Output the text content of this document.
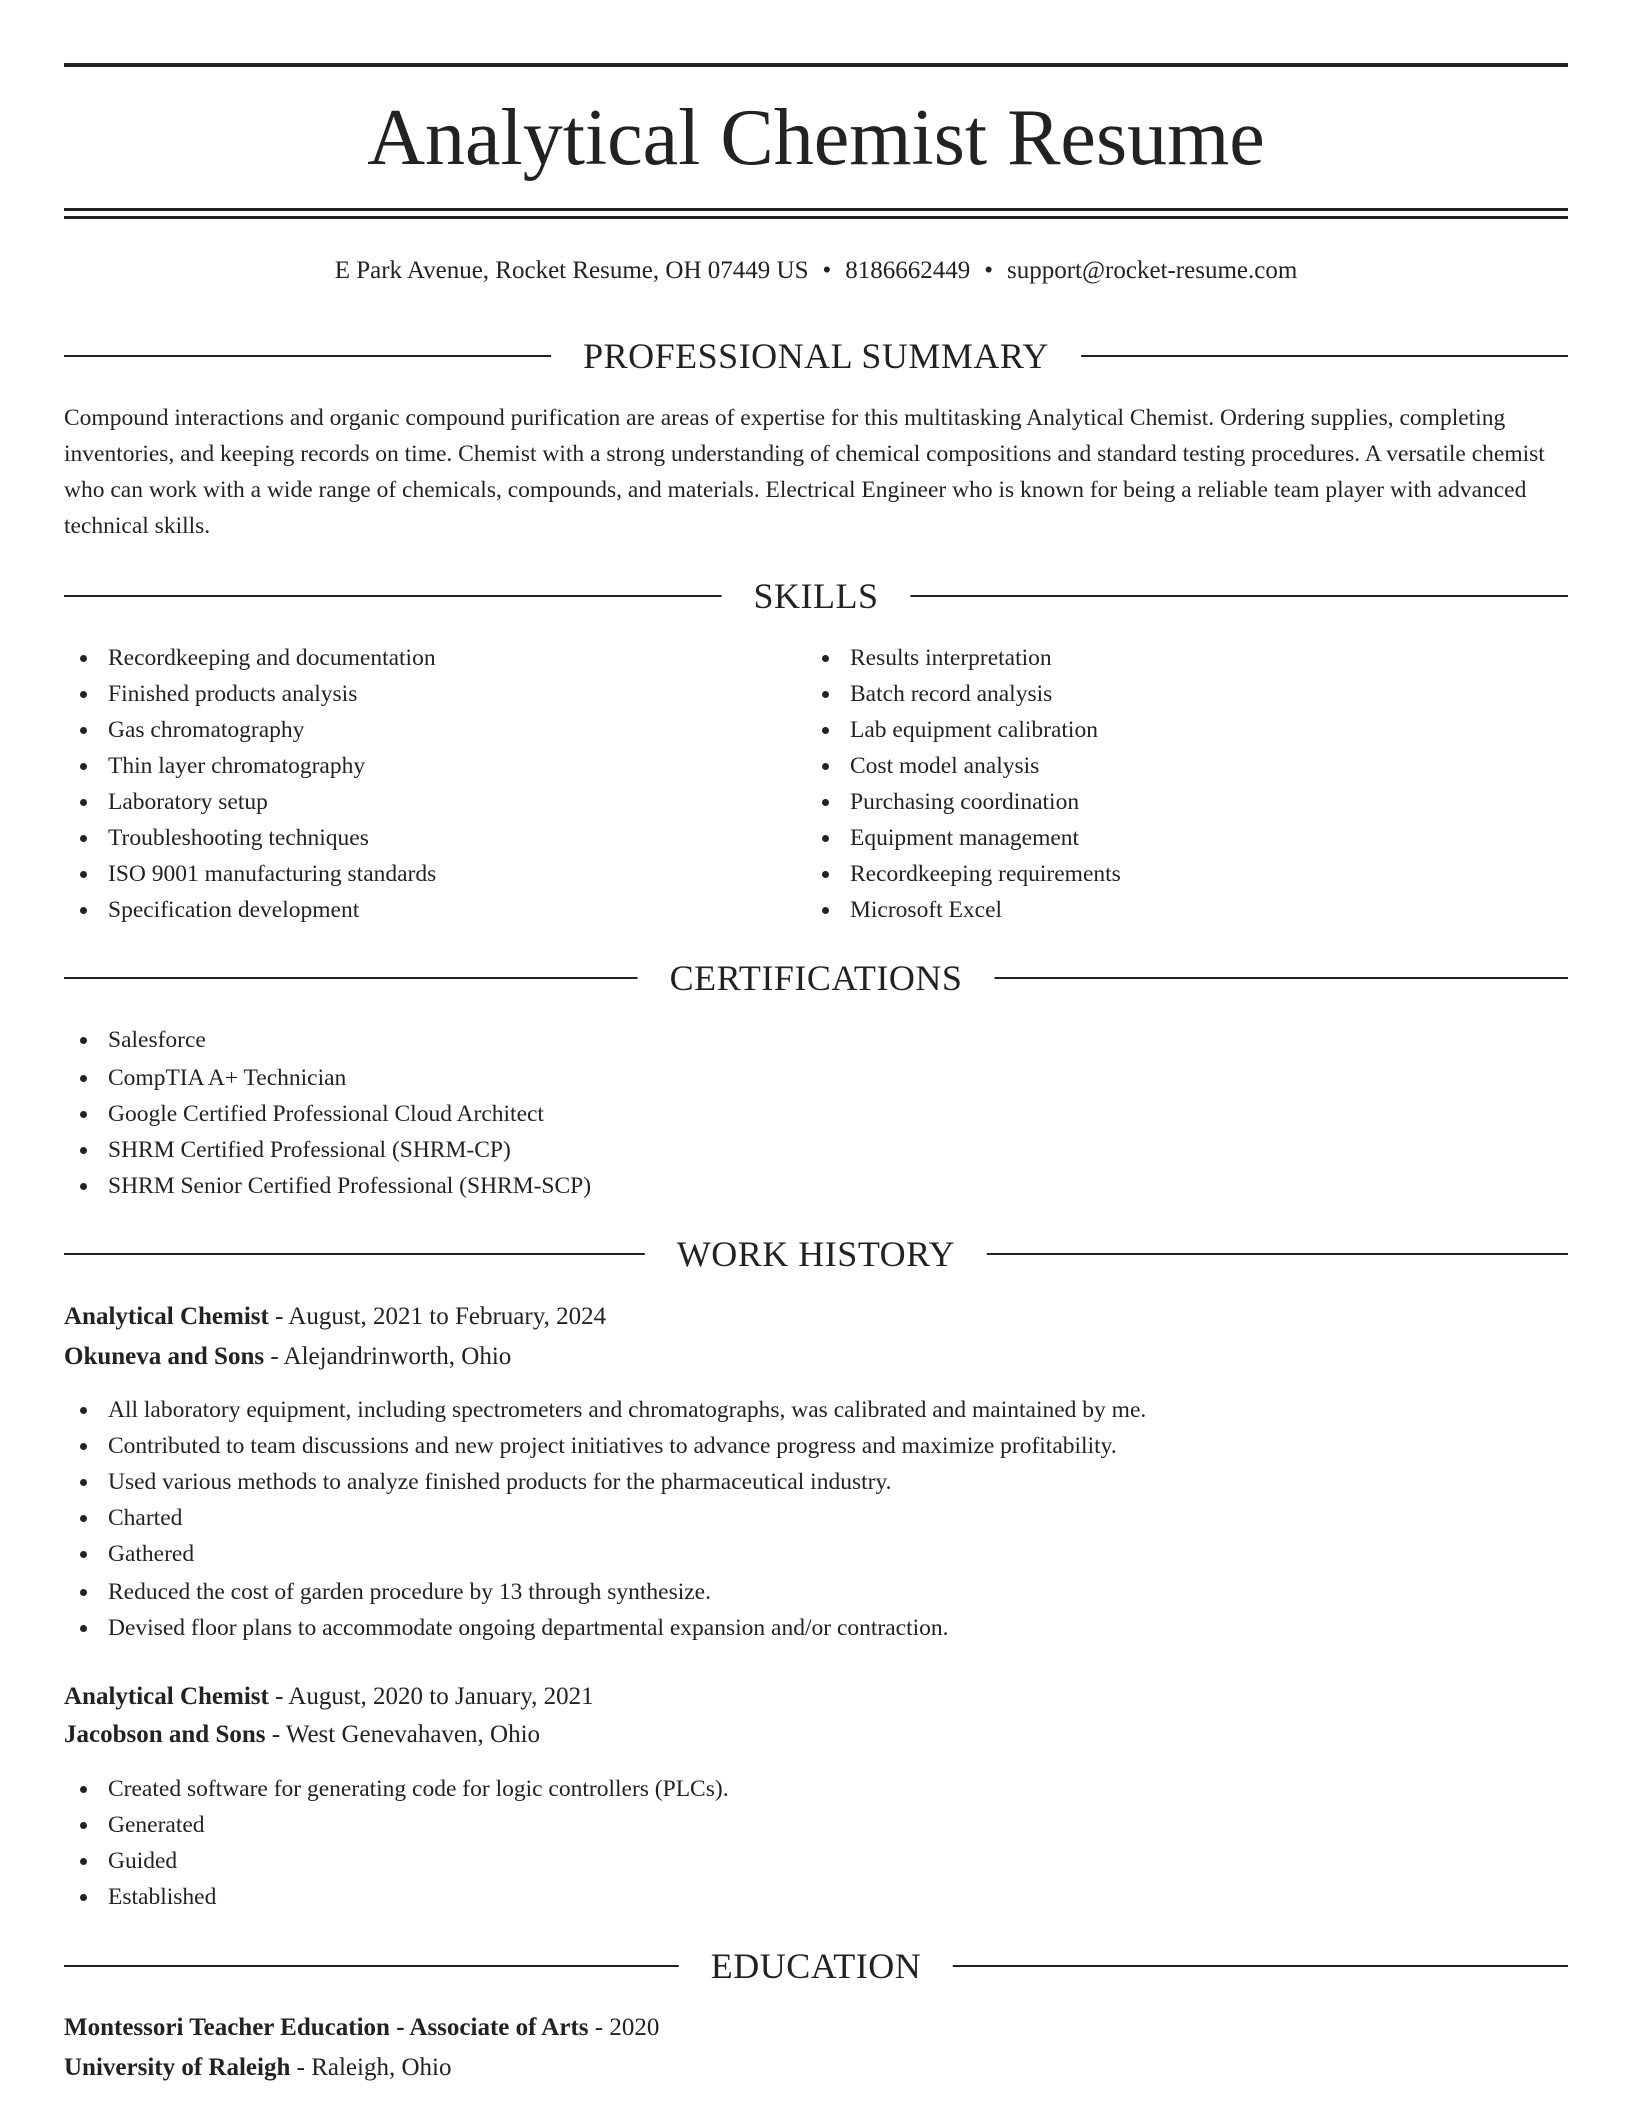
Analytical Chemist Resume
E Park Avenue, Rocket Resume, OH 07449 US • 8186662449 • support@rocket-resume.com
PROFESSIONAL SUMMARY

Compound interactions and organic compound purification are areas of expertise for this multitasking Analytical Chemist. Ordering supplies, completing inventories, and keeping records on time. Chemist with a strong understanding of chemical compositions and standard testing procedures. A versatile chemist who can work with a wide range of chemicals, compounds, and materials. Electrical Engineer who is known for being a reliable team player with advanced technical skills.

SKILLS
Recordkeeping and documentation
Finished products analysis
Gas chromatography
Thin layer chromatography
Laboratory setup
Troubleshooting techniques
ISO 9001 manufacturing standards
Specification development
Results interpretation
Batch record analysis
Lab equipment calibration
Cost model analysis
Purchasing coordination
Equipment management
Recordkeeping requirements
Microsoft Excel
CERTIFICATIONS
Salesforce
CompTIA A+ Technician
Google Certified Professional Cloud Architect
SHRM Certified Professional (SHRM-CP)
SHRM Senior Certified Professional (SHRM-SCP)
WORK HISTORY
Analytical Chemist - August, 2021 to February, 2024
Okuneva and Sons - Alejandrinworth, Ohio
All laboratory equipment, including spectrometers and chromatographs, was calibrated and maintained by me.
Contributed to team discussions and new project initiatives to advance progress and maximize profitability.
Used various methods to analyze finished products for the pharmaceutical industry.
Charted
Gathered
Reduced the cost of garden procedure by 13 through synthesize.
Devised floor plans to accommodate ongoing departmental expansion and/or contraction.
Analytical Chemist - August, 2020 to January, 2021
Jacobson and Sons - West Genevahaven, Ohio
Created software for generating code for logic controllers (PLCs).
Generated
Guided
Established
EDUCATION
Montessori Teacher Education - Associate of Arts - 2020
University of Raleigh - Raleigh, Ohio
